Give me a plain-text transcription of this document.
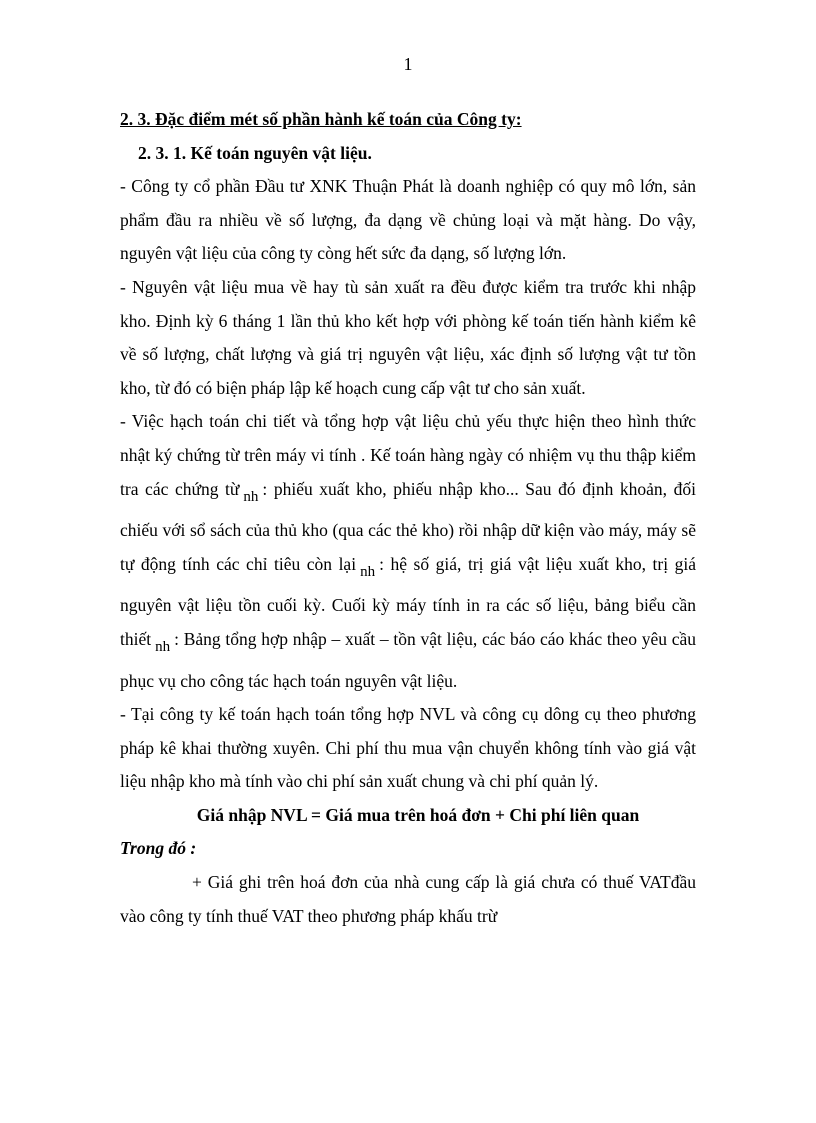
1

2. 3. Đặc điểm mét số phần hành kế toán của Công ty:

2. 3. 1. Kế toán nguyên vật liệu.

- Công ty cổ phần Đầu tư XNK Thuận Phát là doanh nghiệp có quy mô lớn, sản phẩm đầu ra nhiều về số lượng, đa dạng về chủng loại và mặt hàng. Do vậy, nguyên vật liệu của công ty còng hết sức đa dạng, số lượng lớn.

- Nguyên vật liệu mua về hay tù sản xuất ra đều được kiểm tra trước khi nhập kho. Định kỳ 6 tháng 1 lần thủ kho kết hợp với phòng kế toán tiến hành kiểm kê về số lượng, chất lượng và giá trị nguyên vật liệu, xác định số lượng vật tư tồn kho, từ đó có biện pháp lập kế hoạch cung cấp vật tư cho sản xuất.

- Việc hạch toán chi tiết và tổng hợp vật liệu chủ yếu thực hiện theo hình thức nhật ký chứng từ trên máy vi tính . Kế toán hàng ngày có nhiệm vụ thu thập kiểm tra các chứng từ nh : phiếu xuất kho, phiếu nhập kho... Sau đó định khoản, đối chiếu với sổ sách của thủ kho (qua các thẻ kho) rồi nhập dữ kiện vào máy, máy sẽ tự động tính các chỉ tiêu còn lại nh : hệ số giá, trị giá vật liệu xuất kho, trị giá nguyên vật liệu tồn cuối kỳ. Cuối kỳ máy tính in ra các số liệu, bảng biểu cần thiết nh : Bảng tổng hợp nhập – xuất – tồn vật liệu, các báo cáo khác theo yêu cầu phục vụ cho công tác hạch toán nguyên vật liệu.

- Tại công ty kế toán hạch toán tổng hợp NVL và công cụ dông cụ theo phương pháp kê khai thường xuyên. Chi phí thu mua vận chuyển không tính vào giá vật liệu nhập kho mà tính vào chi phí sản xuất chung và chi phí quản lý.

Giá nhập NVL = Giá mua trên hoá đơn + Chi phí liên quan

Trong đó :

+ Giá ghi trên hoá đơn của nhà cung cấp là giá chưa có thuế VATđầu vào công ty tính thuế VAT theo phương pháp khấu trừ
